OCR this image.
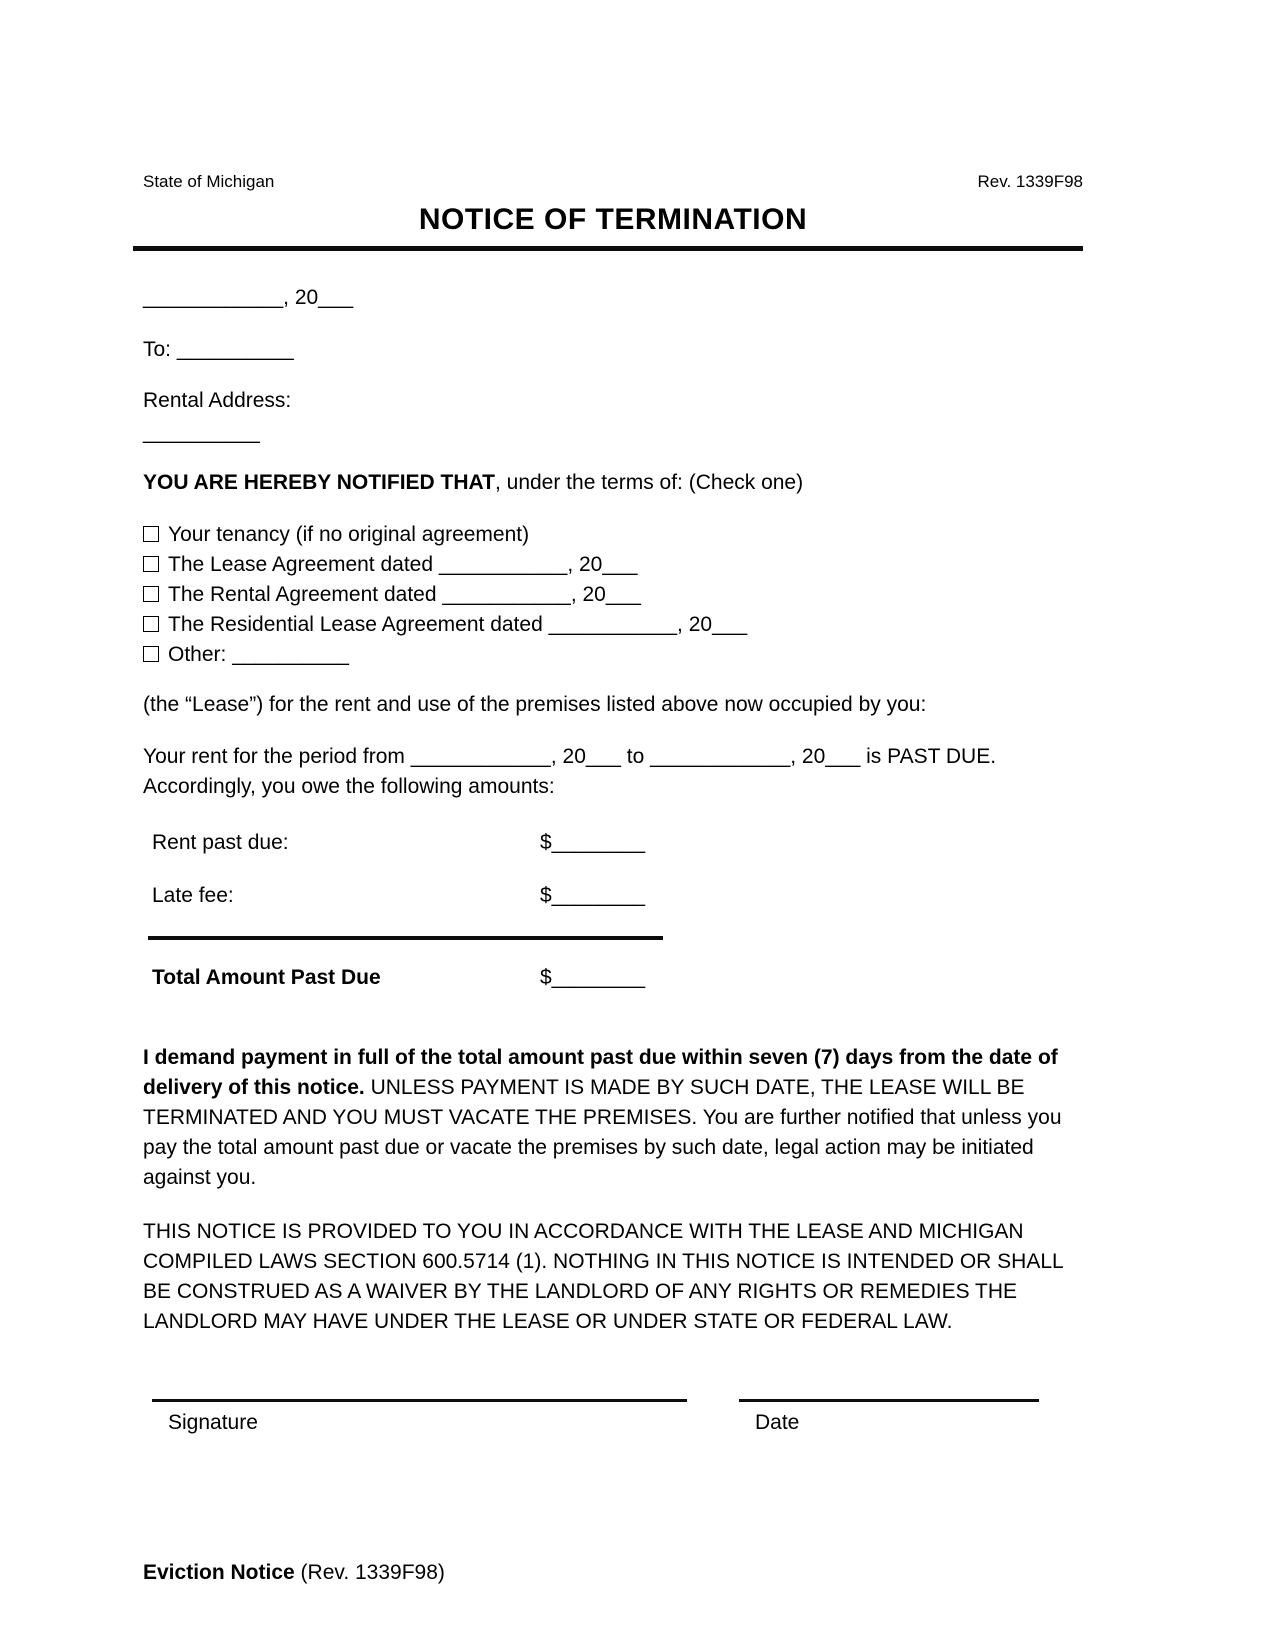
State of Michigan	Rev. 1339F98
NOTICE OF TERMINATION

____________, 20___

To: __________

Rental Address:

__________

YOU ARE HEREBY NOTIFIED THAT, under the terms of: (Check one)

Your tenancy (if no original agreement)
The Lease Agreement dated ___________, 20___
The Rental Agreement dated ___________, 20___
The Residential Lease Agreement dated ___________, 20___
Other: __________

(the “Lease”) for the rent and use of the premises listed above now occupied by you:

Your rent for the period from ____________, 20___ to ____________, 20___ is PAST DUE. Accordingly, you owe the following amounts:

Rent past due:	$________
Late fee:	$________
Total Amount Past Due	$________

I demand payment in full of the total amount past due within seven (7) days from the date of delivery of this notice. UNLESS PAYMENT IS MADE BY SUCH DATE, THE LEASE WILL BE TERMINATED AND YOU MUST VACATE THE PREMISES. You are further notified that unless you pay the total amount past due or vacate the premises by such date, legal action may be initiated against you.

THIS NOTICE IS PROVIDED TO YOU IN ACCORDANCE WITH THE LEASE AND MICHIGAN COMPILED LAWS SECTION 600.5714 (1). NOTHING IN THIS NOTICE IS INTENDED OR SHALL BE CONSTRUED AS A WAIVER BY THE LANDLORD OF ANY RIGHTS OR REMEDIES THE LANDLORD MAY HAVE UNDER THE LEASE OR UNDER STATE OR FEDERAL LAW.

Signature	Date

Eviction Notice (Rev. 1339F98)
